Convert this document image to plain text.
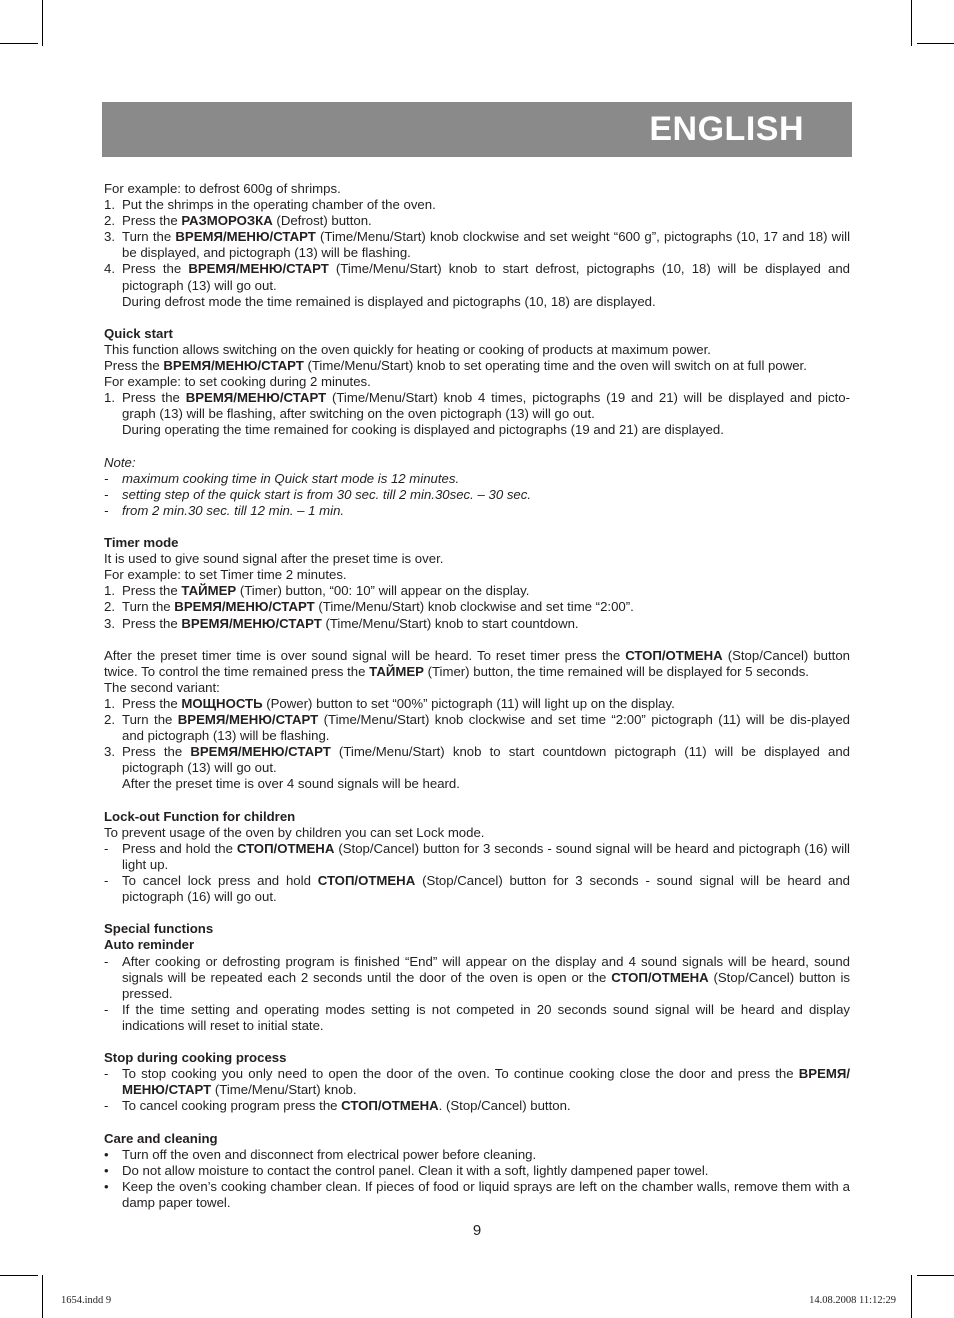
ENGLISH

For example: to defrost 600g of shrimps.

1. Put the shrimps in the operating chamber of the oven.
2. Press the РАЗМОРОЗКА (Defrost) button.
3. Turn the ВРЕМЯ/МЕНЮ/СТАРТ (Time/Menu/Start) knob clockwise and set weight “600 g”, pictographs (10, 17 and 18) will be displayed, and pictograph (13) will be flashing.
4. Press the ВРЕМЯ/МЕНЮ/СТАРТ (Time/Menu/Start) knob to start defrost, pictographs (10, 18) will be displayed and pictograph (13) will go out.

During defrost mode the time remained is displayed and pictographs (10, 18) are displayed.

Quick start

This function allows switching on the oven quickly for heating or cooking of products at maximum power.

Press the ВРЕМЯ/МЕНЮ/СТАРТ (Time/Menu/Start) knob to set operating time and the oven will switch on at full power.

For example: to set cooking during 2 minutes.

1. Press the ВРЕМЯ/МЕНЮ/СТАРТ (Time/Menu/Start) knob 4 times, pictographs (19 and 21) will be displayed and picto-graph (13) will be flashing, after switching on the oven pictograph (13) will go out.

During operating the time remained for cooking is displayed and pictographs (19 and 21) are displayed.

Note:

- maximum cooking time in Quick start mode is 12 minutes.
- setting step of the quick start is from 30 sec. till 2 min.30sec. – 30 sec.
- from 2 min.30 sec. till 12 min. – 1 min.

Timer mode

It is used to give sound signal after the preset time is over.

For example: to set Timer time 2 minutes.

1. Press the ТАЙМЕР (Timer) button, “00: 10” will appear on the display.
2. Turn the ВРЕМЯ/МЕНЮ/СТАРТ (Time/Menu/Start) knob clockwise and set time “2:00”.
3. Press the ВРЕМЯ/МЕНЮ/СТАРТ (Time/Menu/Start) knob to start countdown.

After the preset timer time is over sound signal will be heard. To reset timer press the СТОП/ОТМЕНА (Stop/Cancel) button twice. To control the time remained press the ТАЙМЕР (Timer) button, the time remained will be displayed for 5 seconds.

The second variant:

1. Press the МОЩНОСТЬ (Power) button to set “00%” pictograph (11) will light up on the display.
2. Turn the ВРЕМЯ/МЕНЮ/СТАРТ (Time/Menu/Start) knob clockwise and set time “2:00” pictograph (11) will be dis-played and pictograph (13) will be flashing.
3. Press the ВРЕМЯ/МЕНЮ/СТАРТ (Time/Menu/Start) knob to start countdown pictograph (11) will be displayed and pictograph (13) will go out.

After the preset time is over 4 sound signals will be heard.

Lock-out Function for children

To prevent usage of the oven by children you can set Lock mode.

- Press and hold the СТОП/ОТМЕНА (Stop/Cancel) button for 3 seconds - sound signal will be heard and pictograph (16) will light up.
- To cancel lock press and hold СТОП/ОТМЕНА (Stop/Cancel) button for 3 seconds - sound signal will be heard and pictograph (16) will go out.

Special functions

Auto reminder

- After cooking or defrosting program is finished “End” will appear on the display and 4 sound signals will be heard, sound signals will be repeated each 2 seconds until the door of the oven is open or the СТОП/ОТМЕНА (Stop/Cancel) button is pressed.
- If the time setting and operating modes setting is not competed in 20 seconds sound signal will be heard and display indications will reset to initial state.

Stop during cooking process

- To stop cooking you only need to open the door of the oven. To continue cooking close the door and press the ВРЕМЯ/ МЕНЮ/СТАРТ (Time/Menu/Start) knob.
- To cancel cooking program press the СТОП/ОТМЕНА. (Stop/Cancel) button.

Care and cleaning

• Turn off the oven and disconnect from electrical power before cleaning.
• Do not allow moisture to contact the control panel. Clean it with a soft, lightly dampened paper towel.
• Keep the oven’s cooking chamber clean. If pieces of food or liquid sprays are left on the chamber walls, remove them with a damp paper towel.
9
1654.indd 9	14.08.2008 11:12:29
